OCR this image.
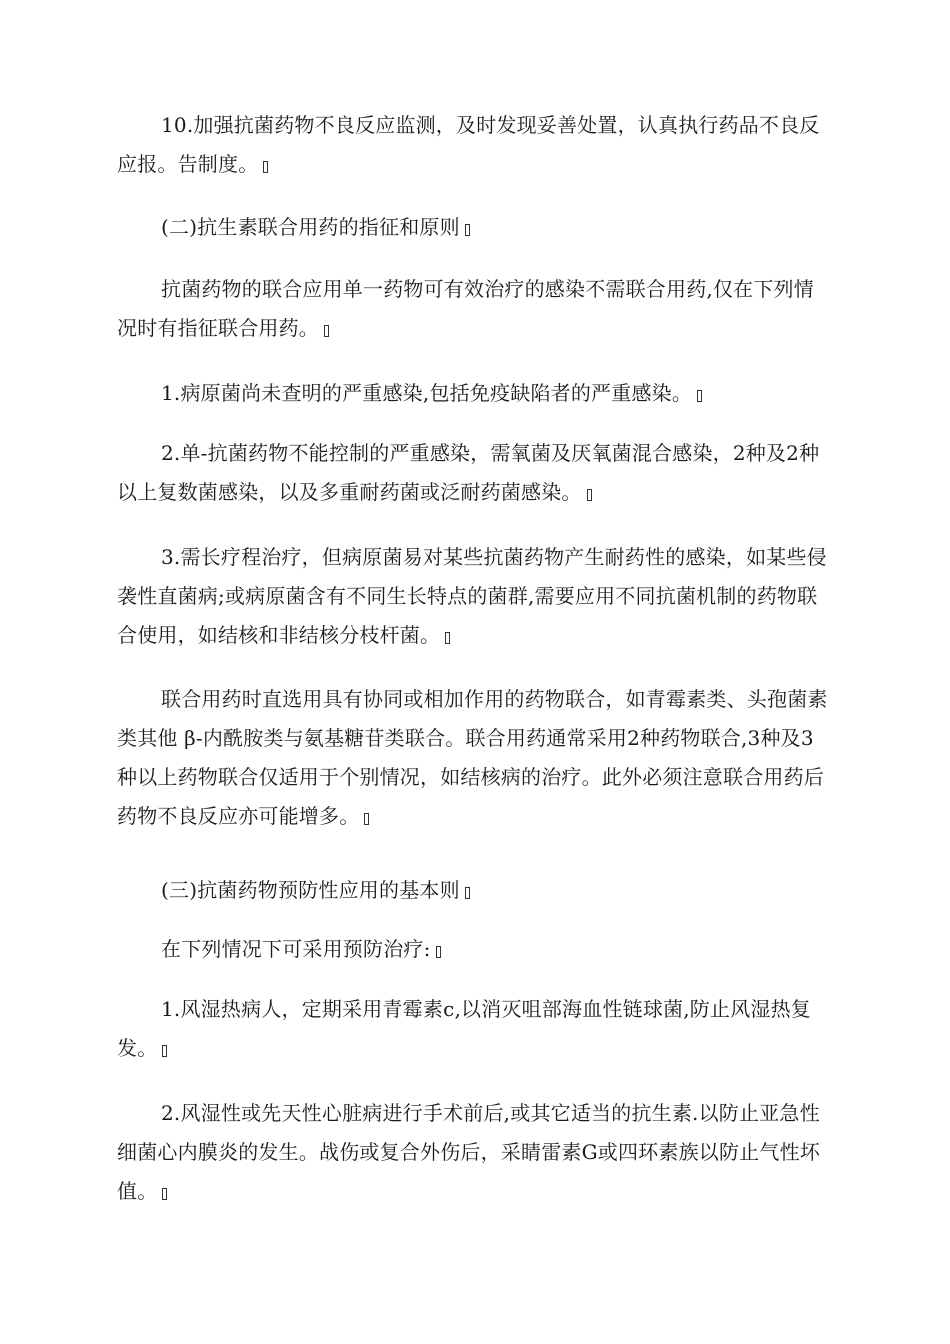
10.加强抗菌药物不良反应监测，及时发现妥善处置，认真执行药品不良反应报。告制度。

(二)抗生素联合用药的指征和原则

抗菌药物的联合应用单一药物可有效治疗的感染不需联合用药,仅在下列情况时有指征联合用药。

1.病原菌尚未查明的严重感染,包括免疫缺陷者的严重感染。

2.单-抗菌药物不能控制的严重感染，需氧菌及厌氧菌混合感染，2种及2种以上复数菌感染，以及多重耐药菌或泛耐药菌感染。

3.需长疗程治疗，但病原菌易对某些抗菌药物产生耐药性的感染，如某些侵袭性直菌病;或病原菌含有不同生长特点的菌群,需要应用不同抗菌机制的药物联合使用，如结核和非结核分枝杆菌。

联合用药时直选用具有协同或相加作用的药物联合，如青霉素类、头孢菌素类其他 β-内酰胺类与氨基糖苷类联合。联合用药通常采用2种药物联合,3种及3种以上药物联合仅适用于个别情况，如结核病的治疗。此外必须注意联合用药后药物不良反应亦可能增多。

(三)抗菌药物预防性应用的基本则

在下列情况下可采用预防治疗:

1.风湿热病人，定期采用青霉素c,以消灭咀部海血性链球菌,防止风湿热复发。

2.风湿性或先天性心脏病进行手术前后,或其它适当的抗生素.以防止亚急性细菌心内膜炎的发生。战伤或复合外伤后，采睛雷素G或四环素族以防止气性坏值。
